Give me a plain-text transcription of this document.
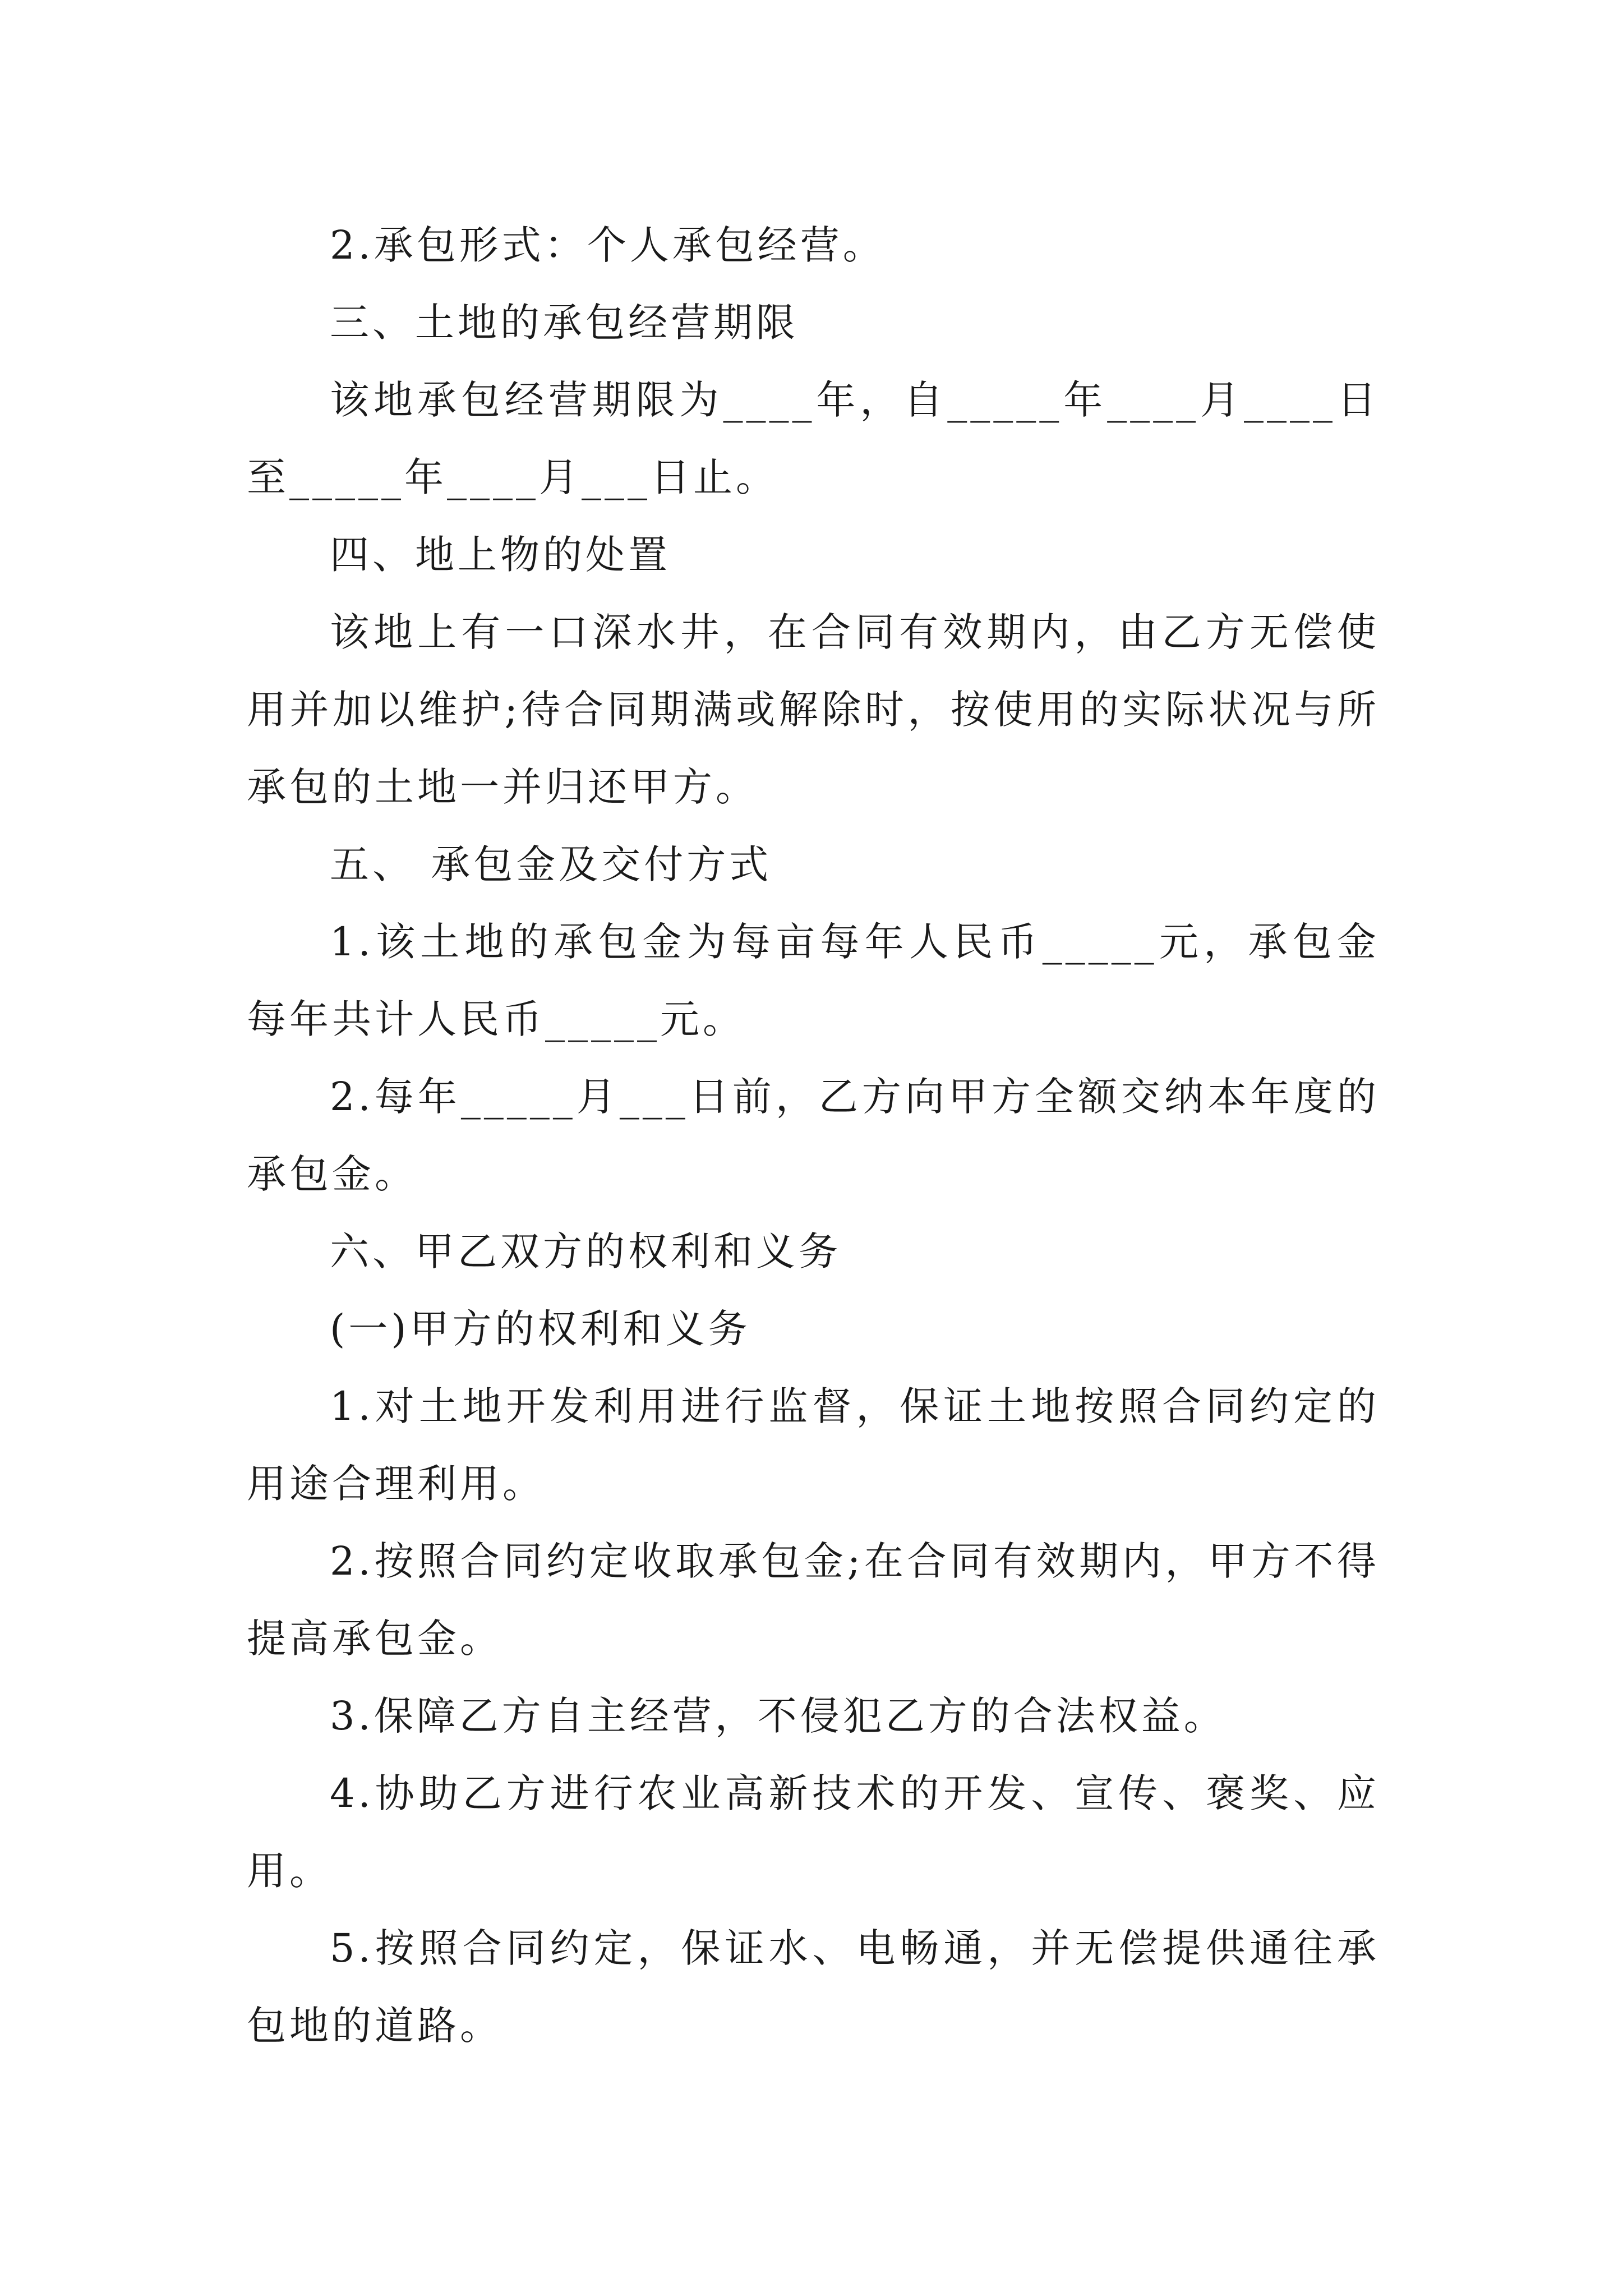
2.承包形式：个人承包经营。

三、土地的承包经营期限

该地承包经营期限为____年，自_____年____月____日至_____年____月___日止。

四、地上物的处置

该地上有一口深水井，在合同有效期内，由乙方无偿使用并加以维护;待合同期满或解除时，按使用的实际状况与所承包的土地一并归还甲方。

五、 承包金及交付方式

1.该土地的承包金为每亩每年人民币_____元，承包金每年共计人民币_____元。

2.每年_____月___日前，乙方向甲方全额交纳本年度的承包金。

六、甲乙双方的权利和义务

(一)甲方的权利和义务

1.对土地开发利用进行监督，保证土地按照合同约定的用途合理利用。

2.按照合同约定收取承包金;在合同有效期内，甲方不得提高承包金。

3.保障乙方自主经营，不侵犯乙方的合法权益。

4.协助乙方进行农业高新技术的开发、宣传、褒奖、应用。

5.按照合同约定，保证水、电畅通，并无偿提供通往承包地的道路。
